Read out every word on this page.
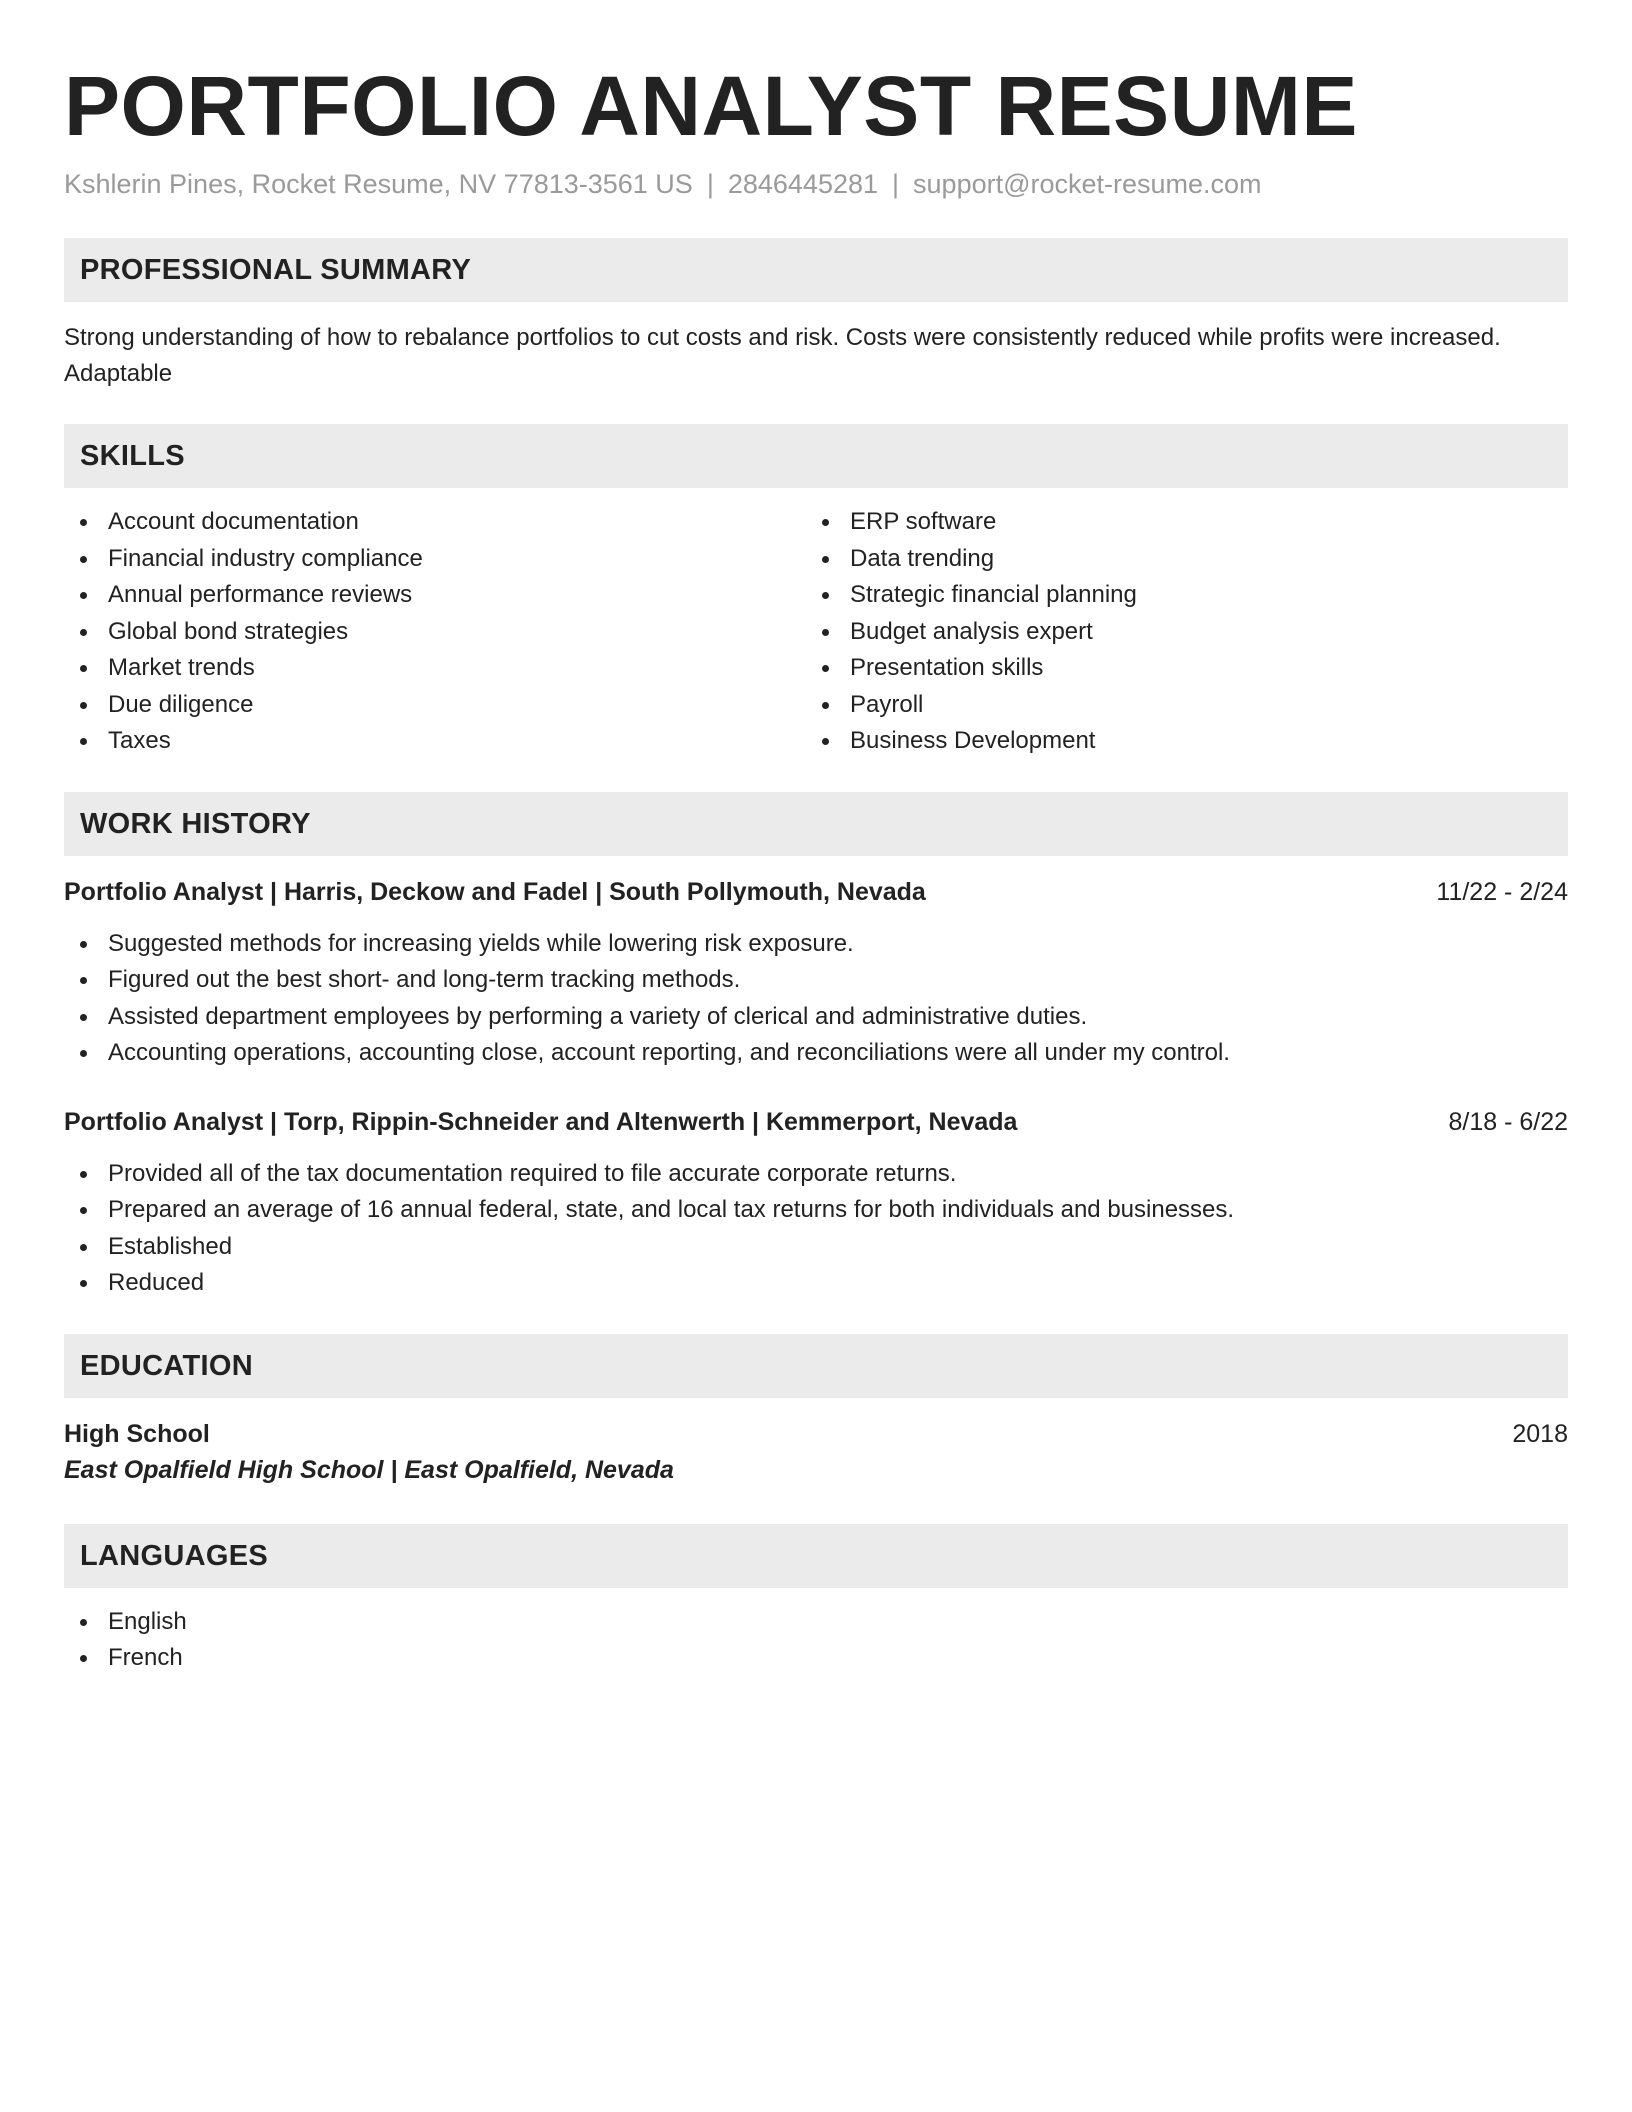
PORTFOLIO ANALYST RESUME
Kshlerin Pines, Rocket Resume, NV 77813-3561 US | 2846445281 | support@rocket-resume.com
PROFESSIONAL SUMMARY

Strong understanding of how to rebalance portfolios to cut costs and risk. Costs were consistently reduced while profits were increased. Adaptable

SKILLS
Account documentation
Financial industry compliance
Annual performance reviews
Global bond strategies
Market trends
Due diligence
Taxes
ERP software
Data trending
Strategic financial planning
Budget analysis expert
Presentation skills
Payroll
Business Development
WORK HISTORY
Portfolio Analyst | Harris, Deckow and Fadel | South Pollymouth, Nevada	11/22 - 2/24
Suggested methods for increasing yields while lowering risk exposure.
Figured out the best short- and long-term tracking methods.
Assisted department employees by performing a variety of clerical and administrative duties.
Accounting operations, accounting close, account reporting, and reconciliations were all under my control.
Portfolio Analyst | Torp, Rippin-Schneider and Altenwerth | Kemmerport, Nevada	8/18 - 6/22
Provided all of the tax documentation required to file accurate corporate returns.
Prepared an average of 16 annual federal, state, and local tax returns for both individuals and businesses.
Established
Reduced
EDUCATION
High School	2018
East Opalfield High School | East Opalfield, Nevada
LANGUAGES
English
French
